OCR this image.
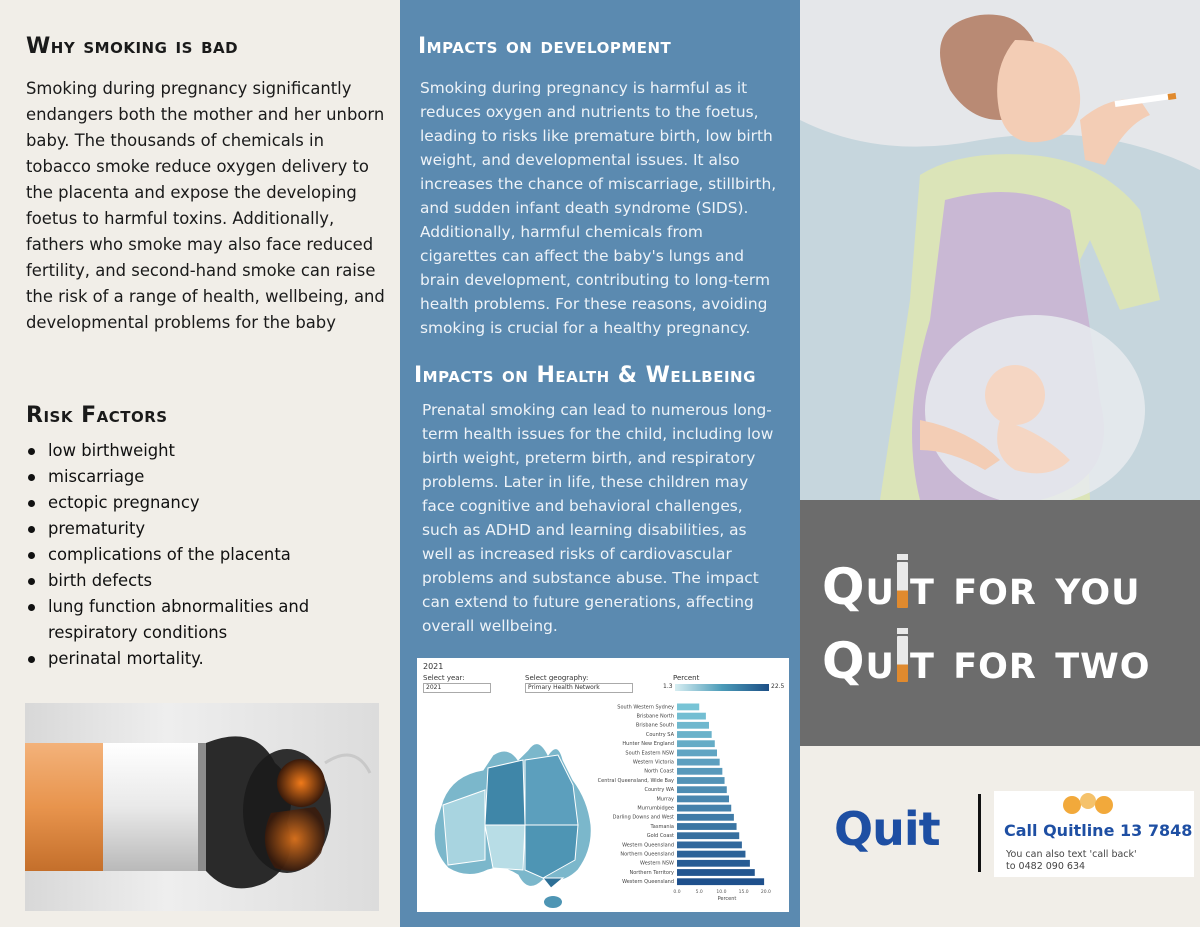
Why smoking is bad
Smoking during pregnancy significantly endangers both the mother and her unborn baby. The thousands of chemicals in tobacco smoke reduce oxygen delivery to the placenta and expose the developing foetus to harmful toxins. Additionally, fathers who smoke may also face reduced fertility, and second-hand smoke can raise the risk of a range of health, wellbeing, and developmental problems for the baby
Risk Factors
low birthweight
miscarriage
ectopic pregnancy
prematurity
complications of the placenta
birth defects
lung function abnormalities and respiratory conditions
perinatal mortality.
Impacts on development
Smoking during pregnancy is harmful as it reduces oxygen and nutrients to the foetus, leading to risks like premature birth, low birth weight, and developmental issues. It also increases the chance of miscarriage, stillbirth, and sudden infant death syndrome (SIDS). Additionally, harmful chemicals from cigarettes can affect the baby's lungs and brain development, contributing to long-term health problems. For these reasons, avoiding smoking is crucial for a healthy pregnancy.
Impacts on Health & Wellbeing
Prenatal smoking can lead to numerous long-term health issues for the child, including low birth weight, preterm birth, and respiratory problems. Later in life, these children may face cognitive and behavioral challenges, such as ADHD and learning disabilities, as well as increased risks of cardiovascular problems and substance abuse. The impact can extend to future generations, affecting overall wellbeing.
2021
Select year:
2021
Select geography:
Primary Health Network
Percent
1.3	22.5
South Western Sydney
Brisbane North
Brisbane South
Country SA
Hunter New England
South Eastern NSW
Western Victoria
North Coast
Central Queensland, Wide Bay
Country WA
Murray
Murrumbidgee
Darling Downs and West
Tasmania
Gold Coast
Western Queensland
Northern Queensland
Western NSW
Northern Territory
Western Queensland
0.0	5.0	10.0	15.0	20.0
Percent
Qu t for you
Qu t for two
Quit	Call Quitline 13 7848
You can also text 'call back'
to 0482 090 634
